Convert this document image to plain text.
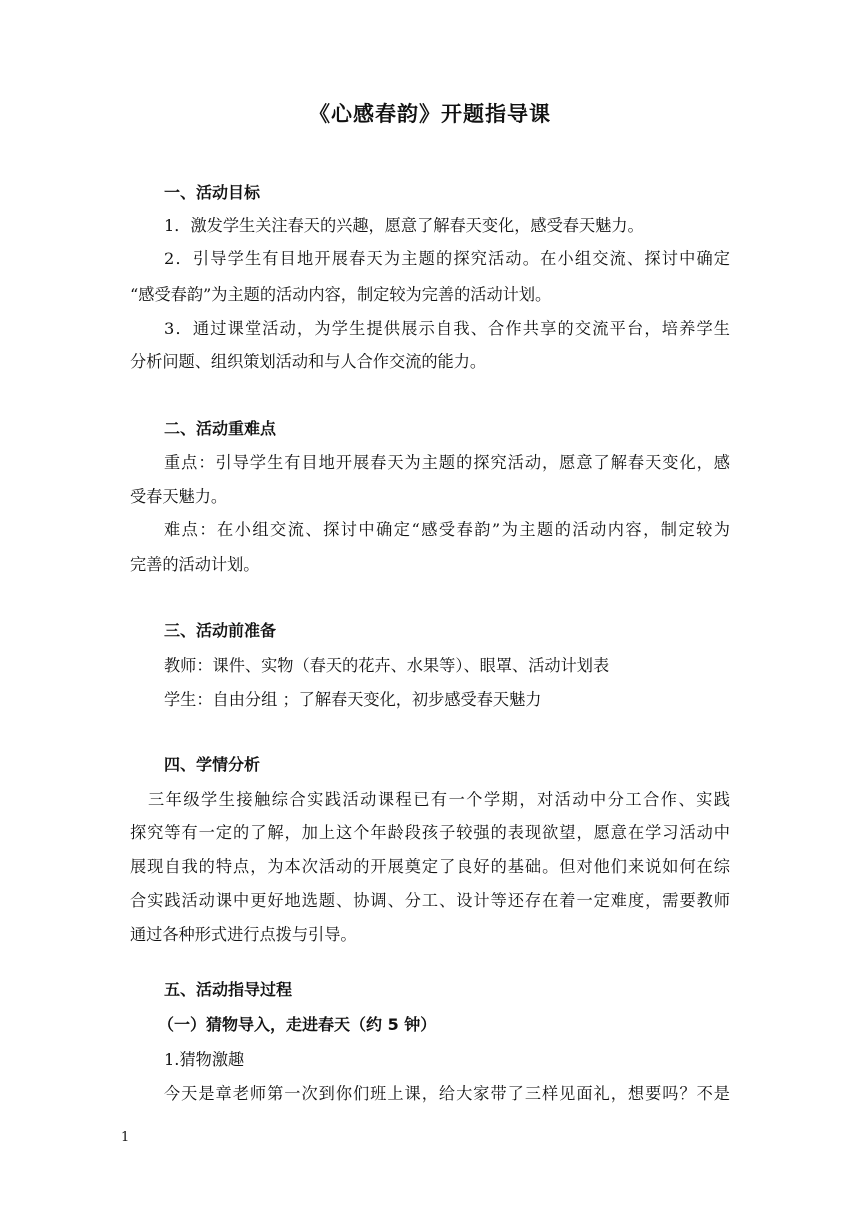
《心感春韵》开题指导课
一、活动目标
1．激发学生关注春天的兴趣，愿意了解春天变化，感受春天魅力。
2．引导学生有目地开展春天为主题的探究活动。在小组交流、探讨中确定
“感受春韵”为主题的活动内容，制定较为完善的活动计划。
3．通过课堂活动，为学生提供展示自我、合作共享的交流平台，培养学生
分析问题、组织策划活动和与人合作交流的能力。
二、活动重难点
重点：引导学生有目地开展春天为主题的探究活动，愿意了解春天变化，感
受春天魅力。
难点：在小组交流、探讨中确定“感受春韵”为主题的活动内容，制定较为
完善的活动计划。
三、活动前准备
教师：课件、实物（春天的花卉、水果等）、眼罩、活动计划表
学生：自由分组 ；了解春天变化，初步感受春天魅力
四、学情分析
三年级学生接触综合实践活动课程已有一个学期，对活动中分工合作、实践
探究等有一定的了解，加上这个年龄段孩子较强的表现欲望，愿意在学习活动中
展现自我的特点，为本次活动的开展奠定了良好的基础。但对他们来说如何在综
合实践活动课中更好地选题、协调、分工、设计等还存在着一定难度，需要教师
通过各种形式进行点拨与引导。
五、活动指导过程
（一）猜物导入，走进春天（约 5 钟）
1.猜物激趣
今天是章老师第一次到你们班上课，给大家带了三样见面礼，想要吗？不是
1
